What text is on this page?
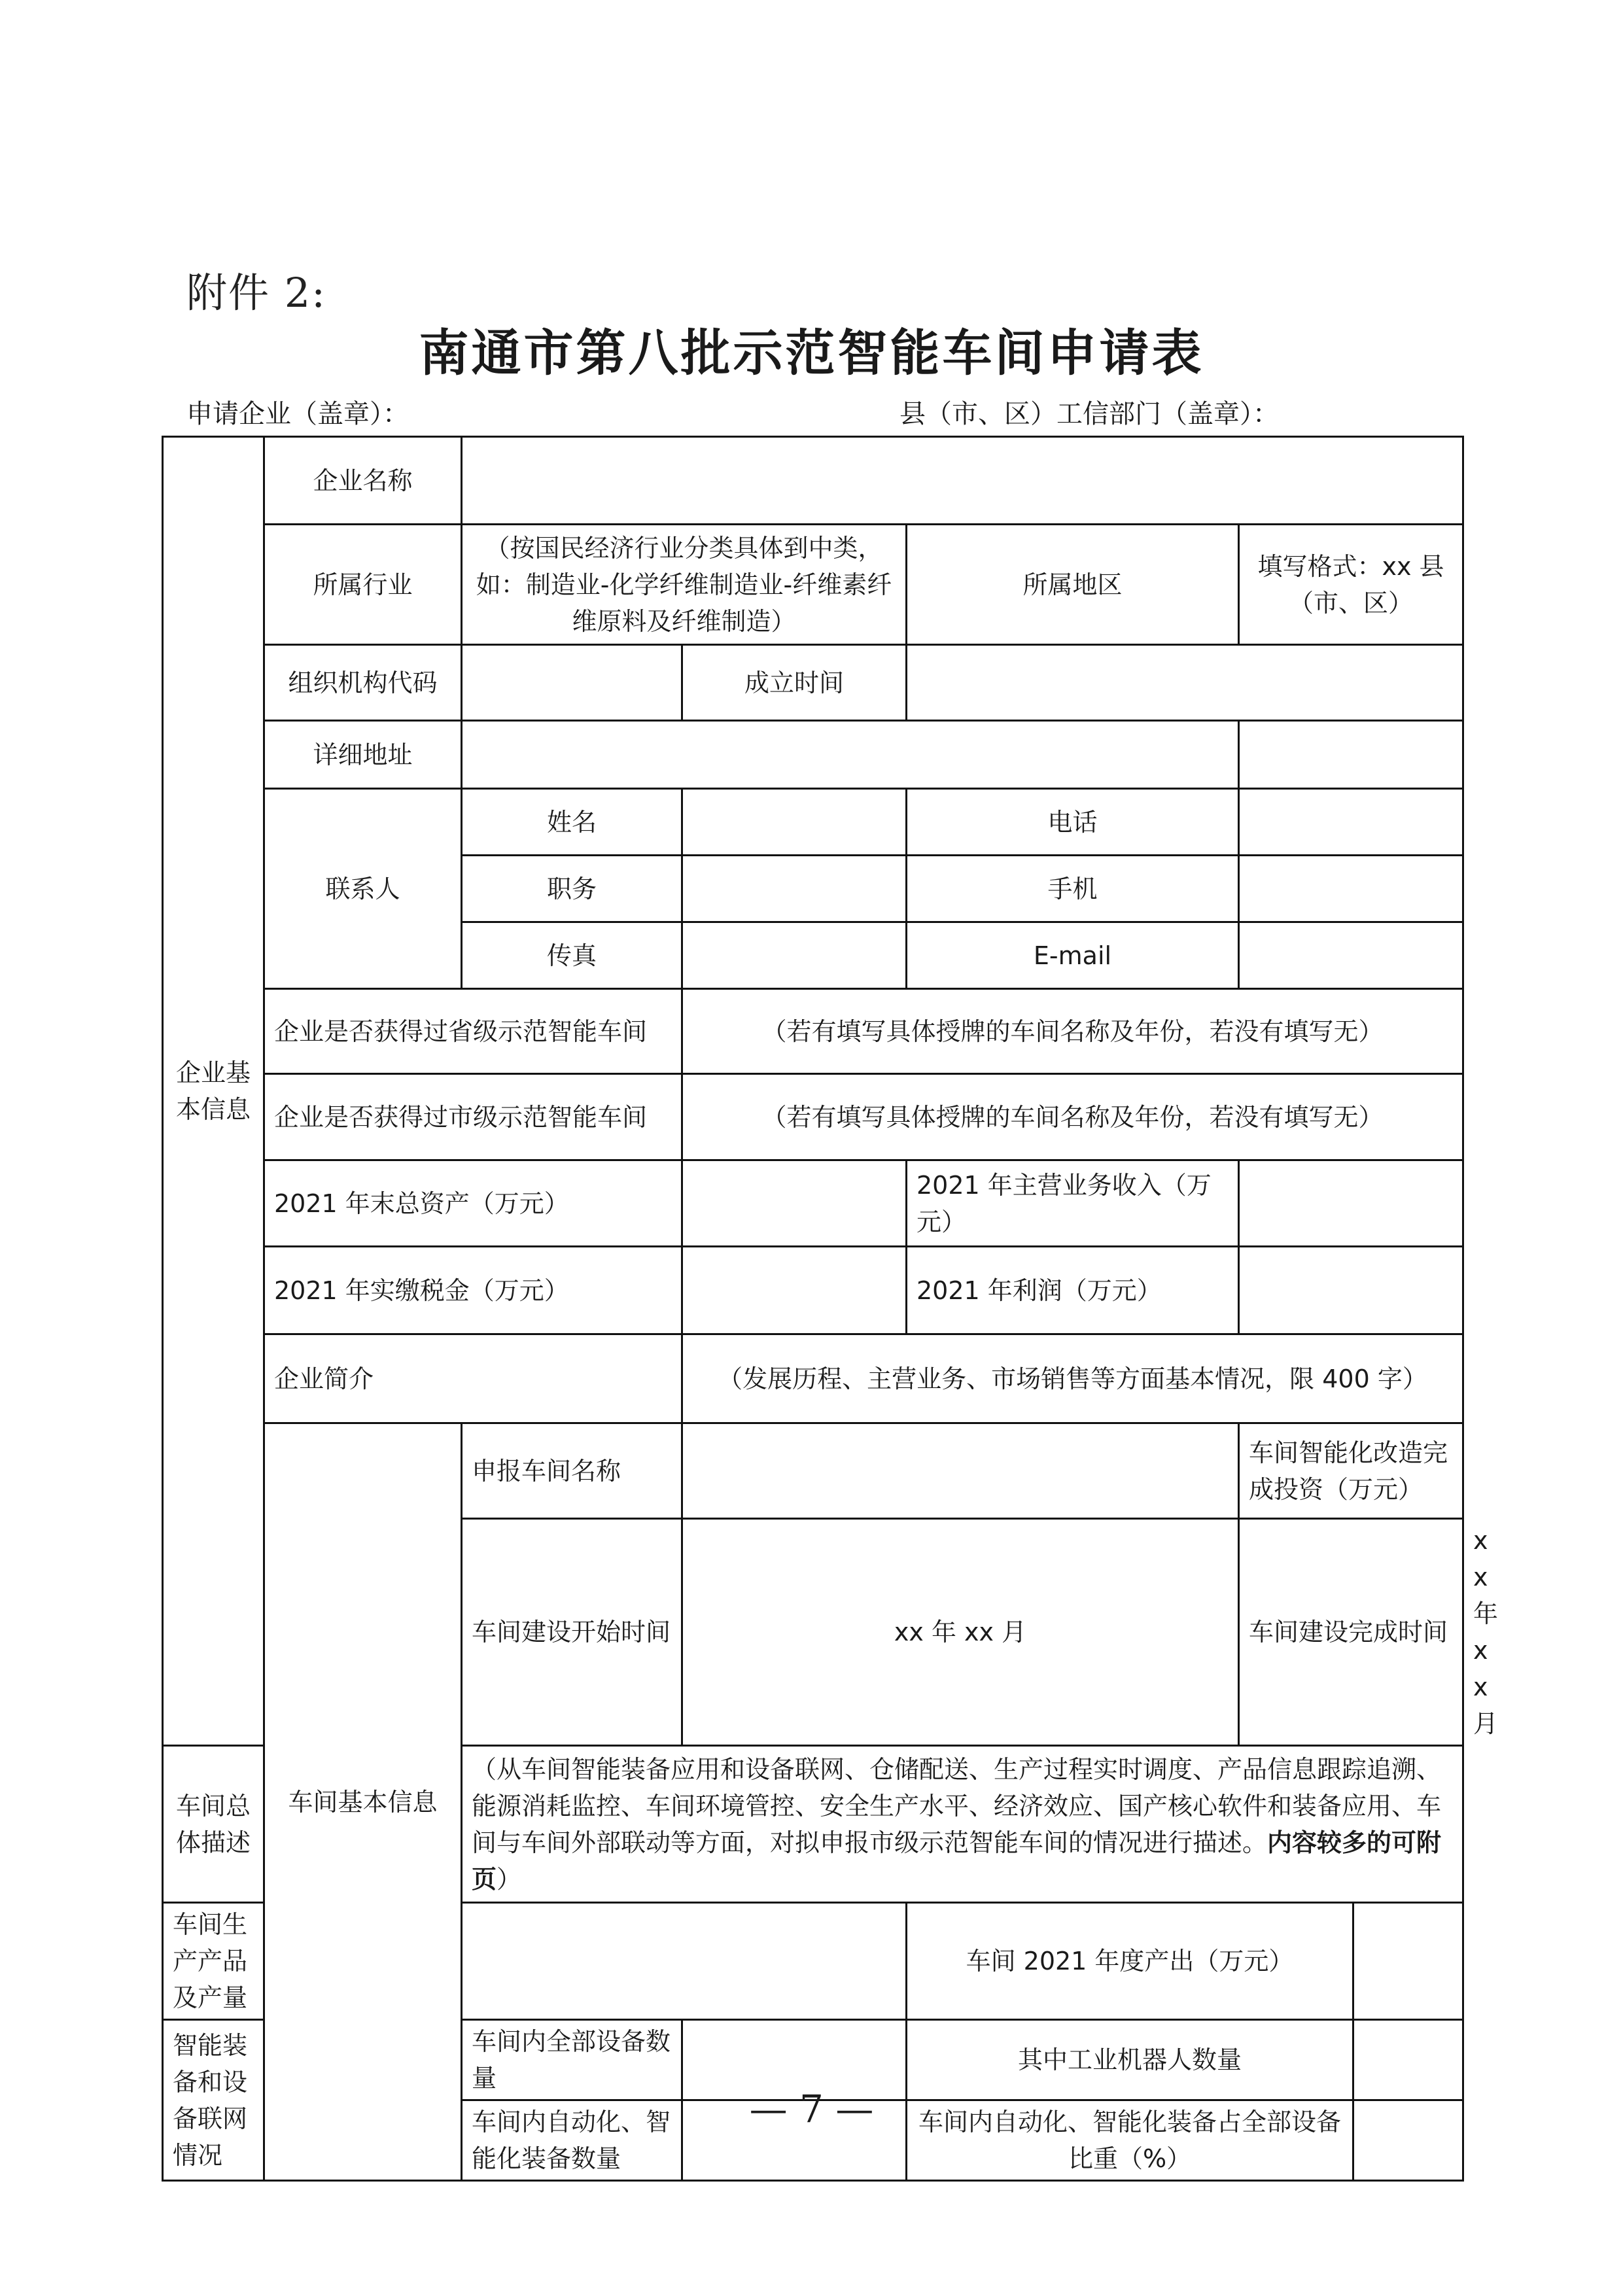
附件 2:
南通市第八批示范智能车间申请表
申请企业（盖章）：	县（市、区）工信部门（盖章）：
企业基本信息	企业名称						
	所属行业	（按国民经济行业分类具体到中类，如：制造业-化学纤维制造业-纤维素纤维原料及纤维制造）		所属地区	填写格式：xx 县（市、区）		
	组织机构代码		成立时间				
	详细地址						
	联系人	姓名		电话			
		职务		手机			
		传真		E-mail			
	企业是否获得过省级示范智能车间		（若有填写具体授牌的车间名称及年份，若没有填写无）				
	企业是否获得过市级示范智能车间		（若有填写具体授牌的车间名称及年份，若没有填写无）				
	2021 年末总资产（万元）			2021 年主营业务收入（万元）			
	2021 年实缴税金（万元）			2021 年利润（万元）			
	企业简介		（发展历程、主营业务、市场销售等方面基本情况，限 400 字）				
	车间基本信息	申报车间名称			车间智能化改造完成投资（万元）		
		车间建设开始时间	xx 年 xx 月		车间建设完成时间		xx 年 xx 月
车间总体描述		（从车间智能装备应用和设备联网、仓储配送、生产过程实时调度、产品信息跟踪追溯、能源消耗监控、车间环境管控、安全生产水平、经济效应、国产核心软件和装备应用、车间与车间外部联动等方面，对拟申报市级示范智能车间的情况进行描述。内容较多的可附页）					
车间生产产品及产量				车间 2021 年度产出（万元）			
智能装备和设备联网情况		车间内全部设备数量		其中工业机器人数量			
		车间内自动化、智能化装备数量		车间内自动化、智能化装备占全部设备比重（%）			
— 7 —
